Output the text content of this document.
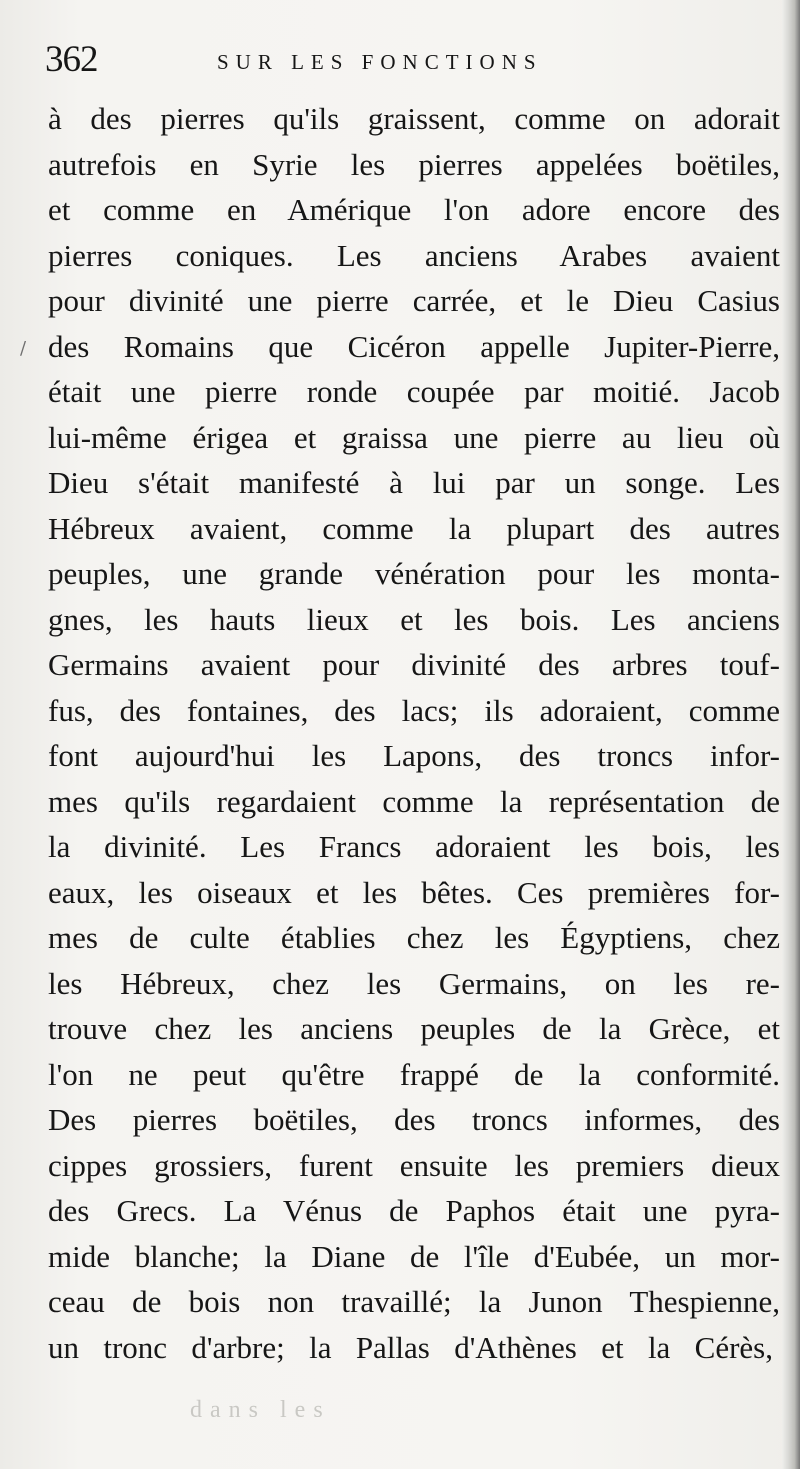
362	SUR LES FONCTIONS
à des pierres qu'ils graissent, comme on adorait
autrefois en Syrie les pierres appelées boëtiles,
et comme en Amérique l'on adore encore des
pierres coniques. Les anciens Arabes avaient
pour divinité une pierre carrée, et le Dieu Casius
des Romains que Cicéron appelle Jupiter-Pierre,
était une pierre ronde coupée par moitié. Jacob
lui-même érigea et graissa une pierre au lieu où
Dieu s'était manifesté à lui par un songe. Les
Hébreux avaient, comme la plupart des autres
peuples, une grande vénération pour les monta-
gnes, les hauts lieux et les bois. Les anciens
Germains avaient pour divinité des arbres touf-
fus, des fontaines, des lacs; ils adoraient, comme
font aujourd'hui les Lapons, des troncs infor-
mes qu'ils regardaient comme la représentation de
la divinité. Les Francs adoraient les bois, les
eaux, les oiseaux et les bêtes. Ces premières for-
mes de culte établies chez les Égyptiens, chez
les Hébreux, chez les Germains, on les re-
trouve chez les anciens peuples de la Grèce, et
l'on ne peut qu'être frappé de la conformité.
Des pierres boëtiles, des troncs informes, des
cippes grossiers, furent ensuite les premiers dieux
des Grecs. La Vénus de Paphos était une pyra-
mide blanche; la Diane de l'île d'Eubée, un mor-
ceau de bois non travaillé; la Junon Thespienne,
un tronc d'arbre; la Pallas d'Athènes et la Cérès,
dans les
/
